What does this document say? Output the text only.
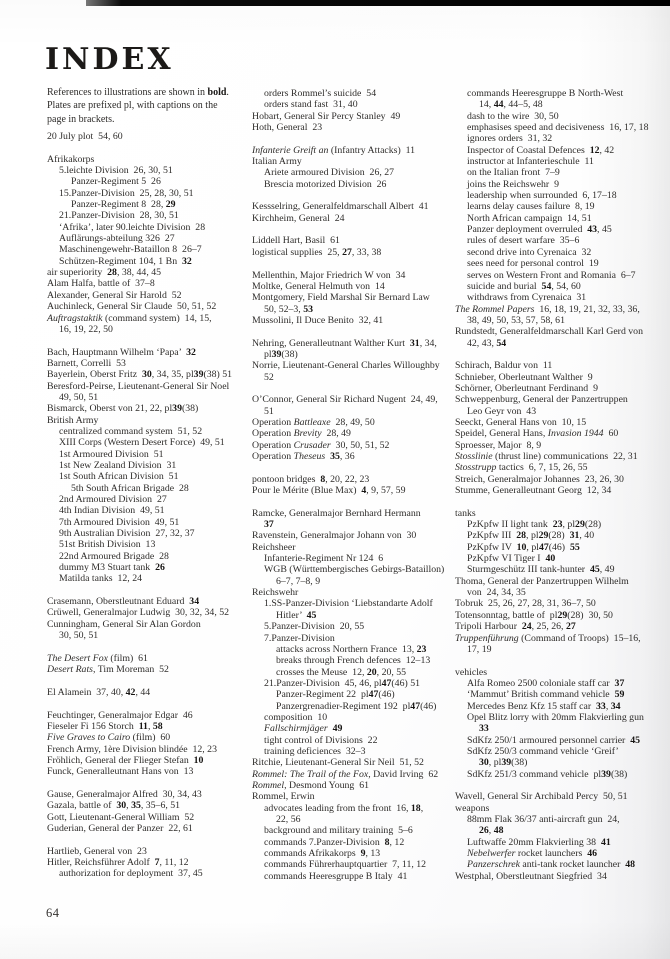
INDEX
References to illustrations are shown in bold.
Plates are prefixed pl, with captions on the
page in brackets.
20 July plot  54, 60
Afrikakorps
5.leichte Division  26, 30, 51
Panzer-Regiment 5  26
15.Panzer-Division  25, 28, 30, 51
Panzer-Regiment 8  28, 29
21.Panzer-Division  28, 30, 51
‘Afrika’, later 90.leichte Division  28
Auflärungs-abteilung 326  27
Maschinengewehr-Bataillon 8  26–7
Schützen-Regiment 104, 1 Bn  32
air superiority  28, 38, 44, 45
Alam Halfa, battle of  37–8
Alexander, General Sir Harold  52
Auchinleck, General Sir Claude  50, 51, 52
Auftragstaktik (command system)  14, 15,
16, 19, 22, 50
Bach, Hauptmann Wilhelm ‘Papa’  32
Barnett, Correlli  53
Bayerlein, Oberst Fritz  30, 34, 35, pl39(38) 51
Beresford-Peirse, Lieutenant-General Sir Noel
49, 50, 51
Bismarck, Oberst von 21, 22, pl39(38)
British Army
centralized command system  51, 52
XIII Corps (Western Desert Force)  49, 51
1st Armoured Division  51
1st New Zealand Division  31
1st South African Division  51
5th South African Brigade  28
2nd Armoured Division  27
4th Indian Division  49, 51
7th Armoured Division  49, 51
9th Australian Division  27, 32, 37
51st British Division  13
22nd Armoured Brigade  28
dummy M3 Stuart tank  26
Matilda tanks  12, 24
Crasemann, Oberstleutnant Eduard  34
Crüwell, Generalmajor Ludwig  30, 32, 34, 52
Cunningham, General Sir Alan Gordon
30, 50, 51
The Desert Fox (film)  61
Desert Rats, Tim Moreman  52
El Alamein  37, 40, 42, 44
Feuchtinger, Generalmajor Edgar  46
Fieseler Fi 156 Storch  11, 58
Five Graves to Cairo (film)  60
French Army, 1ère Division blindée  12, 23
Fröhlich, General der Flieger Stefan  10
Funck, Generalleutnant Hans von  13
Gause, Generalmajor Alfred  30, 34, 43
Gazala, battle of  30, 35, 35–6, 51
Gott, Lieutenant-General William  52
Guderian, General der Panzer  22, 61
Hartlieb, General von  23
Hitler, Reichsführer Adolf  7, 11, 12
authorization for deployment  37, 45
orders Rommel’s suicide  54
orders stand fast  31, 40
Hobart, General Sir Percy Stanley  49
Hoth, General  23
Infanterie Greift an (Infantry Attacks)  11
Italian Army
Ariete armoured Division  26, 27
Brescia motorized Division  26
Kessselring, Generalfeldmarschall Albert  41
Kirchheim, General  24
Liddell Hart, Basil  61
logistical supplies  25, 27, 33, 38
Mellenthin, Major Friedrich W von  34
Moltke, General Helmuth von  14
Montgomery, Field Marshal Sir Bernard Law
50, 52–3, 53
Mussolini, Il Duce Benito  32, 41
Nehring, Generalleutnant Walther Kurt  31, 34,
pl39(38)
Norrie, Lieutenant-General Charles Willoughby
52
O’Connor, General Sir Richard Nugent  24, 49,
51
Operation Battleaxe  28, 49, 50
Operation Brevity  28, 49
Operation Crusader  30, 50, 51, 52
Operation Theseus 35, 36
pontoon bridges  8, 20, 22, 23
Pour le Mérite (Blue Max)  4, 9, 57, 59
Ramcke, Generalmajor Bernhard Hermann
37
Ravenstein, Generalmajor Johann von  30
Reichsheer
Infanterie-Regiment Nr 124  6
WGB (Württembergisches Gebirgs-Bataillon)
6–7, 7–8, 9
Reichswehr
1.SS-Panzer-Division ‘Liebstandarte Adolf
Hitler’  45
5.Panzer-Division  20, 55
7.Panzer-Division
attacks across Northern France  13, 23
breaks through French defences  12–13
crosses the Meuse  12, 20, 20, 55
21.Panzer-Division  45, 46, pl47(46) 51
Panzer-Regiment 22  pl47(46)
Panzergrenadier-Regiment 192  pl47(46)
composition  10
Fallschirmjäger 49
tight control of Divisions  22
training deficiences  32–3
Ritchie, Lieutenant-General Sir Neil  51, 52
Rommel: The Trail of the Fox, David Irving  62
Rommel, Desmond Young  61
Rommel, Erwin
advocates leading from the front  16, 18,
22, 56
background and military training  5–6
commands 7.Panzer-Division  8, 12
commands Afrikakorps  9, 13
commands Führerhauptquartier  7, 11, 12
commands Heeresgruppe B Italy  41
commands Heeresgruppe B North-West
14, 44, 44–5, 48
dash to the wire  30, 50
emphasises speed and decisiveness  16, 17, 18
ignores orders  31, 32
Inspector of Coastal Defences  12, 42
instructor at Infanterieschule  11
on the Italian front  7–9
joins the Reichswehr  9
leadership when surrounded  6, 17–18
learns delay causes failure  8, 19
North African campaign  14, 51
Panzer deployment overruled  43, 45
rules of desert warfare  35–6
second drive into Cyrenaica  32
sees need for personal control  19
serves on Western Front and Romania  6–7
suicide and burial  54, 54, 60
withdraws from Cyrenaica  31
The Rommel Papers  16, 18, 19, 21, 32, 33, 36,
38, 49, 50, 53, 57, 58, 61
Rundstedt, Generalfeldmarschall Karl Gerd von
42, 43, 54
Schirach, Baldur von  11
Schnieber, Oberleutnant Walther  9
Schörner, Oberleutnant Ferdinand  9
Schweppenburg, General der Panzertruppen
Leo Geyr von  43
Seeckt, General Hans von  10, 15
Speidel, General Hans, Invasion 1944  60
Sproesser, Major  8, 9
Stosslinie (thrust line) communications  22, 31
Stosstrupp tactics  6, 7, 15, 26, 55
Streich, Generalmajor Johannes  23, 26, 30
Stumme, Generalleutnant Georg  12, 34
tanks
PzKpfw II light tank  23, pl29(28)
PzKpfw III  28, pl29(28)  31, 40
PzKpfw IV  10, pl47(46)  55
PzKpfw VI Tiger I  40
Sturmgeschütz III tank-hunter  45, 49
Thoma, General der Panzertruppen Wilhelm
von  24, 34, 35
Tobruk  25, 26, 27, 28, 31, 36–7, 50
Totensonntag, battle of  pl29(28)  30, 50
Tripoli Harbour  24, 25, 26, 27
Truppenführung (Command of Troops)  15–16,
17, 19
vehicles
Alfa Romeo 2500 coloniale staff car  37
‘Mammut’ British command vehicle  59
Mercedes Benz Kfz 15 staff car  33, 34
Opel Blitz lorry with 20mm Flakvierling gun
33
SdKfz 250/1 armoured personnel carrier  45
SdKfz 250/3 command vehicle ‘Greif’
30, pl39(38)
SdKfz 251/3 command vehicle  pl39(38)
Wavell, General Sir Archibald Percy  50, 51
weapons
88mm Flak 36/37 anti-aircraft gun  24,
26, 48
Luftwaffe 20mm Flakvierling 38  41
Nebelwerfer rocket launchers  46
Panzerschrek anti-tank rocket launcher  48
Westphal, Oberstleutnant Siegfried  34
64
